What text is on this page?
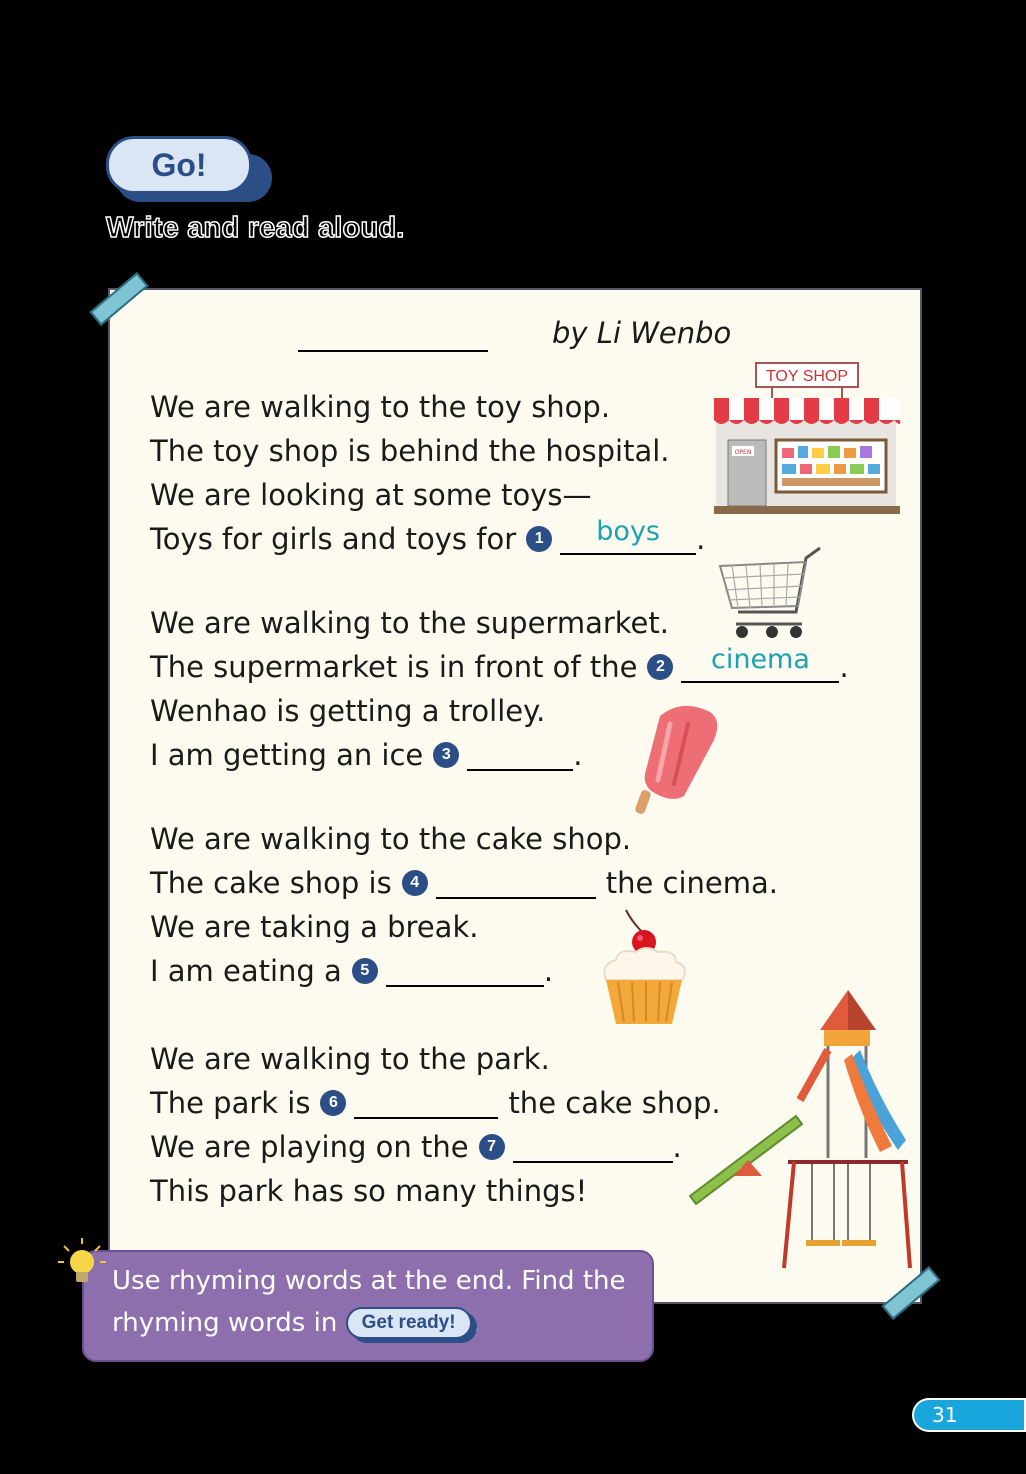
Go!
Write and read aloud.
by Li Wenbo
We are walking to the toy shop.
The toy shop is behind the hospital.
We are looking at some toys—
Toys for girls and toys for	1	boys	.
We are walking to the supermarket.
The supermarket is in front of the	2	cinema	.
Wenhao is getting a trolley.
I am getting an ice	3	.
We are walking to the cake shop.
The cake shop is	4	the cinema.
We are taking a break.
I am eating a	5	.
We are walking to the park.
The park is	6	the cake shop.
We are playing on the	7	.
This park has so many things!
TOY SHOP
OPEN
Use rhyming words at the end. Find the
rhyming words in Get ready! .
31
